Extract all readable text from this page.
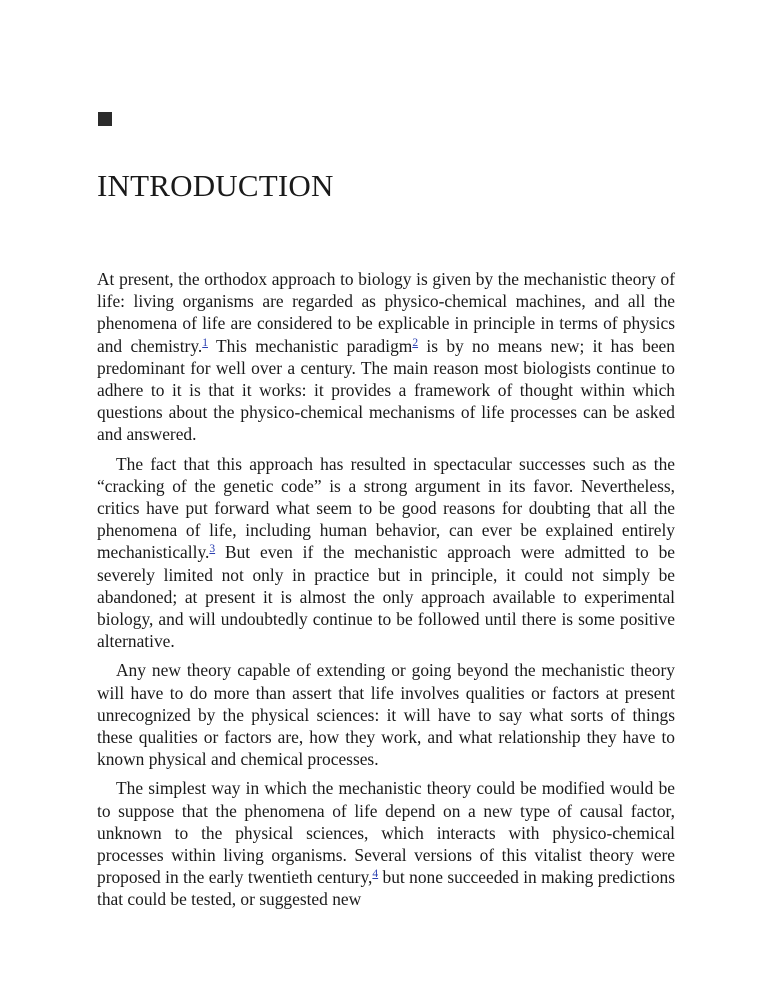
INTRODUCTION

At present, the orthodox approach to biology is given by the mechanistic theory of life: living organisms are regarded as physico-chemical machines, and all the phenomena of life are considered to be explicable in principle in terms of physics and chemistry.$^1$ This mechanistic paradigm$^2$ is by no means new; it has been predominant for well over a century. The main reason most biologists continue to adhere to it is that it works: it provides a framework of thought within which questions about the physico-chemical mechanisms of life processes can be asked and answered.

The fact that this approach has resulted in spectacular successes such as the “cracking of the genetic code” is a strong argument in its favor. Nevertheless, critics have put forward what seem to be good reasons for doubting that all the phenomena of life, including human behavior, can ever be explained entirely mechanistically.$^3$ But even if the mechanistic approach were admitted to be severely limited not only in practice but in principle, it could not simply be abandoned; at present it is almost the only approach available to experimental biology, and will undoubtedly continue to be followed until there is some positive alternative.

Any new theory capable of extending or going beyond the mechanistic theory will have to do more than assert that life involves qualities or factors at present unrecognized by the physical sciences: it will have to say what sorts of things these qualities or factors are, how they work, and what relationship they have to known physical and chemical processes.

The simplest way in which the mechanistic theory could be modified would be to suppose that the phenomena of life depend on a new type of causal factor, unknown to the physical sciences, which interacts with physico-chemical processes within living organisms. Several versions of this vitalist theory were proposed in the early twentieth century,$^4$ but none succeeded in making predictions that could be tested, or suggested new
